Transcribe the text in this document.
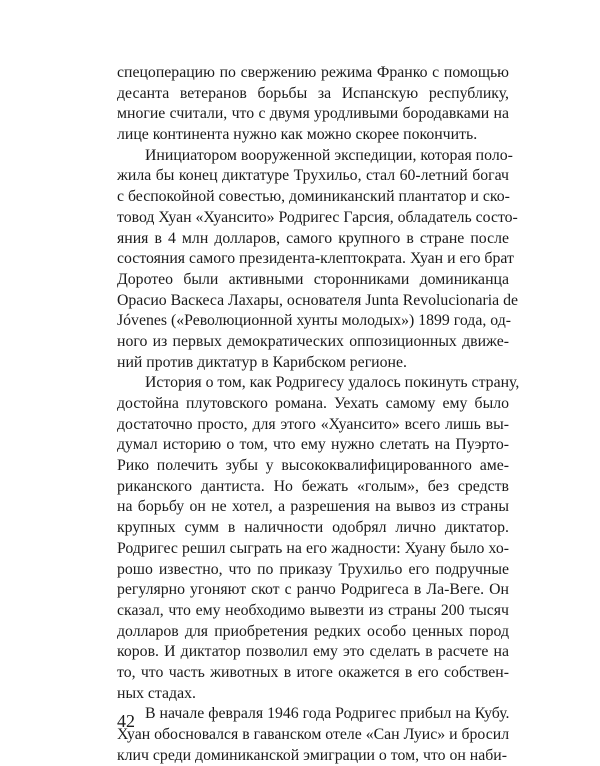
спецоперацию по свержению режима Франко с помощью
десанта ветеранов борьбы за Испанскую республику,
многие считали, что с двумя уродливыми бородавками на
лице континента нужно как можно скорее покончить.
Инициатором вооруженной экспедиции, которая поло-
жила бы конец диктатуре Трухильо, стал 60-летний богач
с беспокойной совестью, доминиканский плантатор и ско-
товод Хуан «Хуансито» Родригес Гарсия, обладатель состо-
яния в 4 млн долларов, самого крупного в стране после
состояния самого президента-клептократа. Хуан и его брат
Доротео были активными сторонниками доминиканца
Орасио Васкеса Лахары, основателя Junta Revolucionaria de
Jóvenes («Революционной хунты молодых») 1899 года, од-
ного из первых демократических оппозиционных движе-
ний против диктатур в Карибском регионе.
История о том, как Родригесу удалось покинуть страну,
достойна плутовского романа. Уехать самому ему было
достаточно просто, для этого «Хуансито» всего лишь вы-
думал историю о том, что ему нужно слетать на Пуэрто-
Рико полечить зубы у высококвалифицированного аме-
риканского дантиста. Но бежать «голым», без средств
на борьбу он не хотел, а разрешения на вывоз из страны
крупных сумм в наличности одобрял лично диктатор.
Родригес решил сыграть на его жадности: Хуану было хо-
рошо известно, что по приказу Трухильо его подручные
регулярно угоняют скот с ранчо Родригеса в Ла-Веге. Он
сказал, что ему необходимо вывезти из страны 200 тысяч
долларов для приобретения редких особо ценных пород
коров. И диктатор позволил ему это сделать в расчете на
то, что часть животных в итоге окажется в его собствен-
ных стадах.
В начале февраля 1946 года Родригес прибыл на Кубу.
Хуан обосновался в гаванском отеле «Сан Луис» и бросил
клич среди доминиканской эмиграции о том, что он наби-
42
